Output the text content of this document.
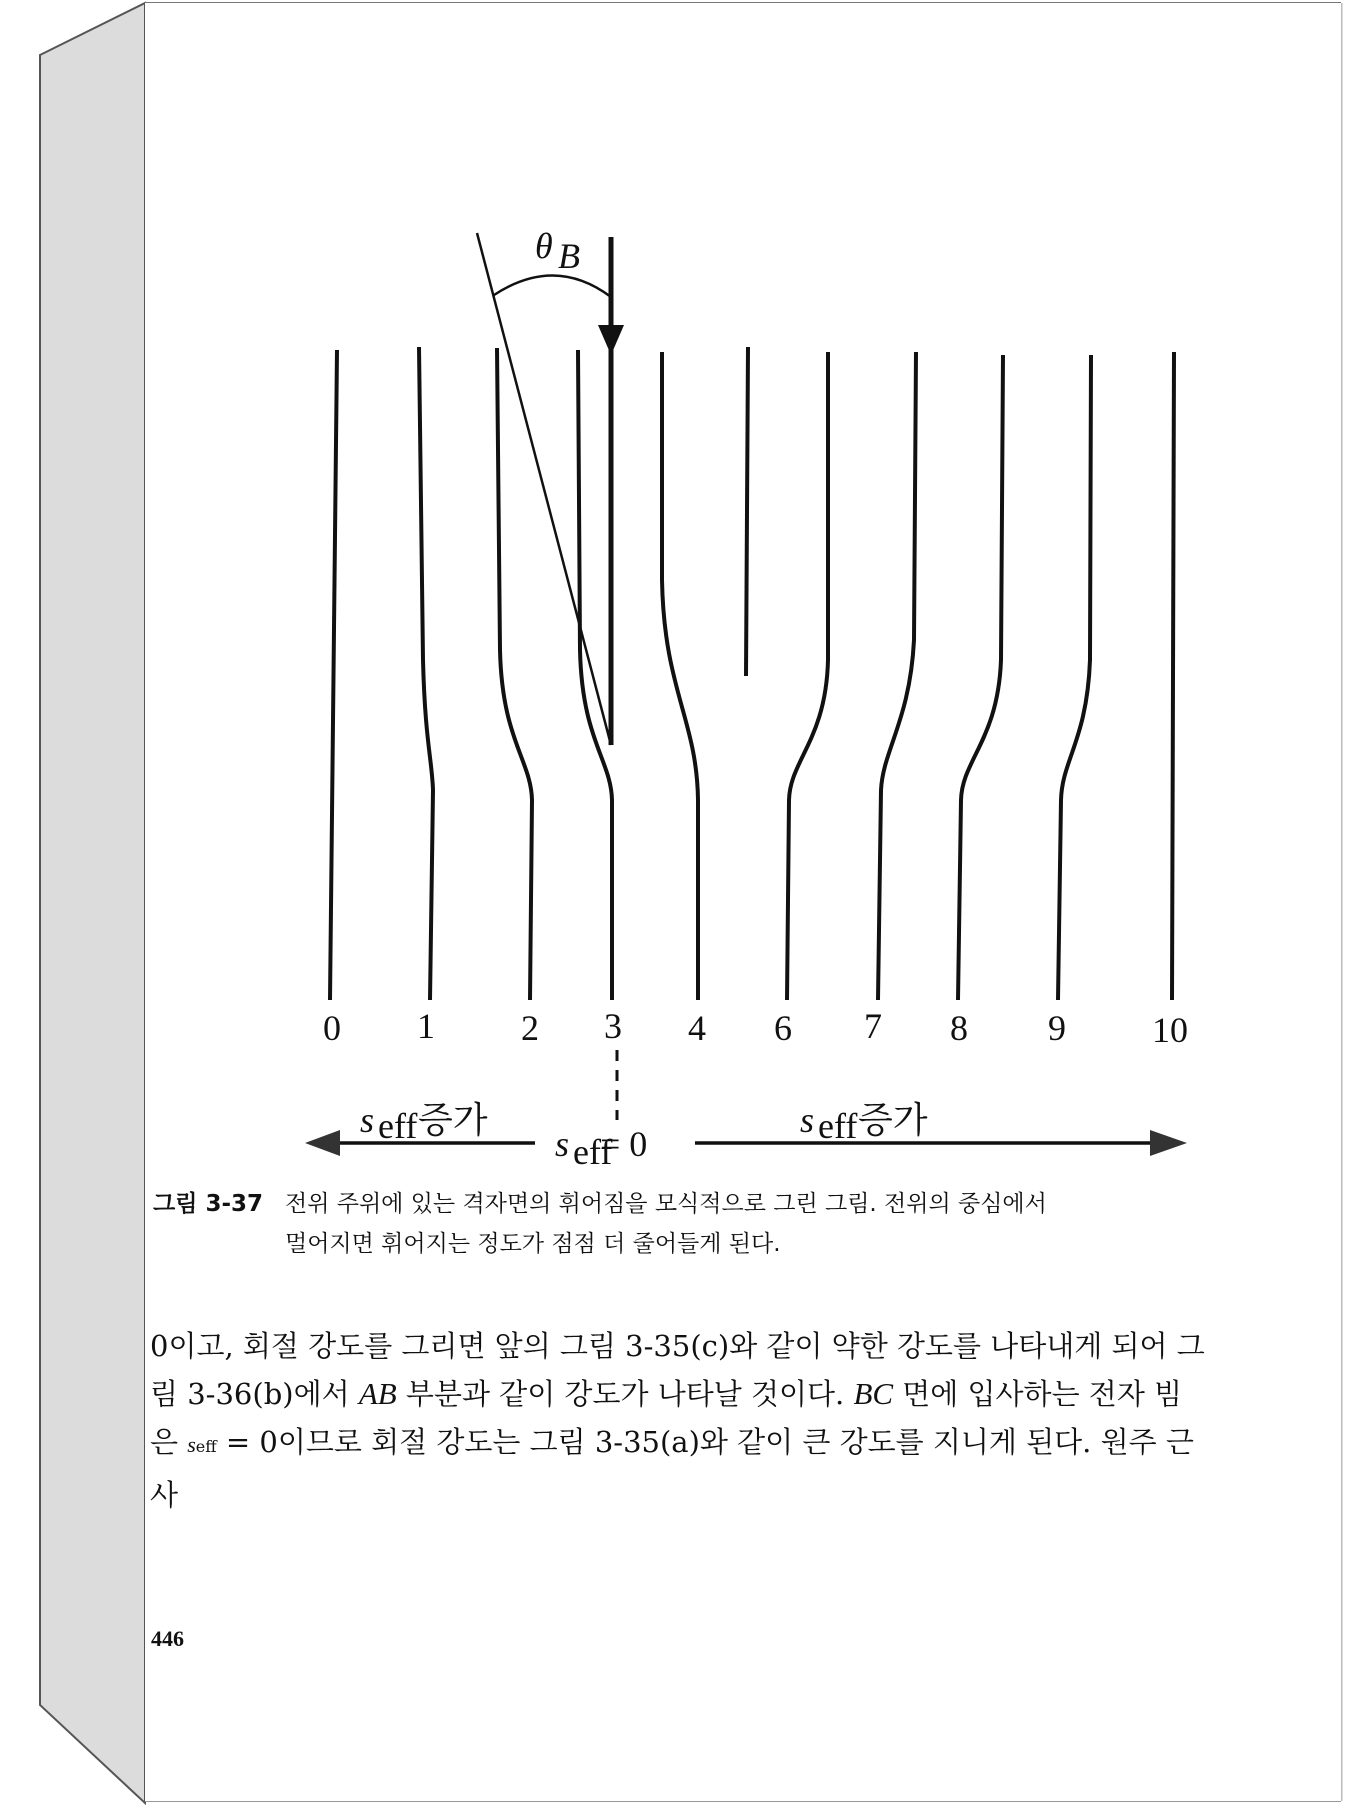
θ B
0 1 2 3 4 6 7 8 9 10
s eff 증가	s eff 증가
s eff
= 0
그림 3-37 전위 주위에 있는 격자면의 휘어짐을 모식적으로 그린 그림. 전위의 중심에서 멀어지면 휘어지는 정도가 점점 더 줄어들게 된다.

0이고, 회절 강도를 그리면 앞의 그림 3-35(c)와 같이 약한 강도를 나타내게 되어 그림 3-36(b)에서 AB 부분과 같이 강도가 나타날 것이다. BC 면에 입사하는 전자 빔은 seff = 0이므로 회절 강도는 그림 3-35(a)와 같이 큰 강도를 지니게 된다. 원주 근사

446
